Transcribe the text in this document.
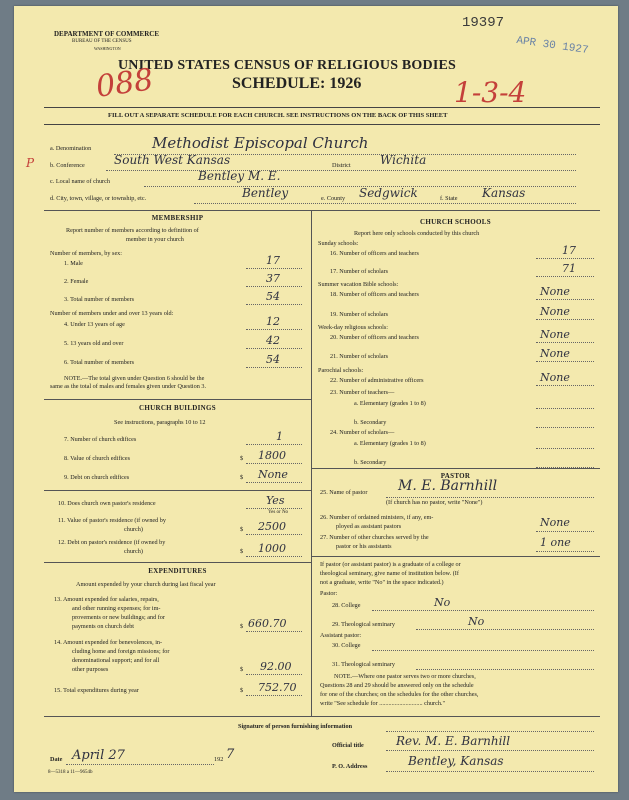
DEPARTMENT OF COMMERCE
BUREAU OF THE CENSUS
WASHINGTON
19397
APR 30 1927
UNITED STATES CENSUS OF RELIGIOUS BODIES
SCHEDULE: 1926
088	1-3-4
FILL OUT A SEPARATE SCHEDULE FOR EACH CHURCH. SEE INSTRUCTIONS ON THE BACK OF THIS SHEET
a. Denomination	Methodist Episcopal Church
b. Conference South West Kansas	District Wichita
c. Local name of church	Bentley M. E.
d. City, town, village, or township, etc.	Bentley	e. County Sedgwick	f. State Kansas
P
MEMBERSHIP
Report number of members according to definition of
member in your church
Number of members, by sex:
1. Male	17
2. Female	37
3. Total number of members	54
Number of members under and over 13 years old:
4. Under 13 years of age	12
5. 13 years old and over	42
6. Total number of members	54
NOTE.—The total given under Question 6 should be the
same as the total of males and females given under Question 3.
CHURCH BUILDINGS
See instructions, paragraphs 10 to 12
7. Number of church edifices	1
8. Value of church edifices	$ 1800
9. Debt on church edifices	$ None
10. Does church own pastor's residence	Yes
Yes or No
11. Value of pastor's residence (if owned by
church)	$ 2500
12. Debt on pastor's residence (if owned by
church)	$ 1000
EXPENDITURES
Amount expended by your church during last fiscal year
13. Amount expended for salaries, repairs,
and other running expenses; for im-
provements or new buildings; and for
payments on church debt	$ 660.70
14. Amount expended for benevolences, in-
cluding home and foreign missions; for
denominational support; and for all
other purposes	$ 92.00
15. Total expenditures during year	$ 752.70
CHURCH SCHOOLS
Report here only schools conducted by this church
Sunday schools:
16. Number of officers and teachers	17
17. Number of scholars	71
Summer vacation Bible schools:
18. Number of officers and teachers	None
19. Number of scholars	None
Week-day religious schools:
20. Number of officers and teachers	None
21. Number of scholars	None
Parochial schools:
22. Number of administrative officers	None
23. Number of teachers—
a. Elementary (grades 1 to 8)
b. Secondary
24. Number of scholars—
a. Elementary (grades 1 to 8)
b. Secondary
PASTOR
25. Name of pastor M. E. Barnhill
(If church has no pastor, write "None")
26. Number of ordained ministers, if any, em-
ployed as assistant pastors	None
27. Number of other churches served by the
pastor or his assistants	1 one
If pastor (or assistant pastor) is a graduate of a college or
theological seminary, give name of institution below. (If
not a graduate, write "No" in the space indicated.)
Pastor:
28. College	No
29. Theological seminary	No
Assistant pastor:
30. College
31. Theological seminary
NOTE.—Where one pastor serves two or more churches,
Questions 28 and 29 should be answered only on the schedule
for one of the churches; on the schedules for the other churches,
write "See schedule for ............................ church."
Signature of person furnishing information
Official title	Rev. M. E. Barnhill
P. O. Address	Bentley, Kansas
Date April 27	192 7
8—5318 a 11—9654b
